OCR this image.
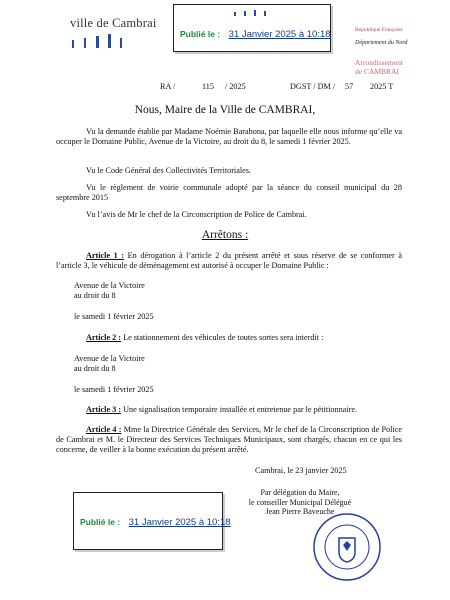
ville de Cambrai
Publié le : 31 Janvier 2025 à 10:18	République Française
Département du Nord
Arrondissement
de CAMBRAI
RA /	115 / 2025	DGST / DM / 57 2025 T
Nous, Maire de la Ville de CAMBRAI,
Vu la demande établie par Madame Noémie Barahona, par laquelle elle nous informe qu’elle va occuper le Domaine Public, Avenue de la Victoire, au droit du 8, le samedi 1 février 2025.
Vu le Code Général des Collectivités Territoriales.
Vu le règlement de voirie communale adopté par la séance du conseil municipal du 28 septembre 2015
Vu l’avis de Mr le chef de la Circonscription de Police de Cambrai.
Arrêtons :
Article 1 : En dérogation à l’article 2 du présent arrêté et sous réserve de se conformer à l’article 3, le véhicule de déménagement est autorisé à occuper le Domaine Public :
Avenue de la Victoire
au droit du 8
le samedi 1 février 2025
Article 2 : Le stationnement des véhicules de toutes sortes sera interdit :
Avenue de la Victoire
au droit du 8
le samedi 1 février 2025
Article 3 : Une signalisation temporaire installée et entretenue par le pétitionnaire.
Article 4 : Mme la Directrice Générale des Services, Mr le chef de la Circonscription de Police de Cambrai et M. le Directeur des Services Techniques Municipaux, sont chargés, chacun en ce qui les concerne, de veiller à la bonne exécution du présent arrêté.
Cambrai, le 23 janvier 2025
Par délégation du Maire,
le conseiller Municipal Délégué
Jean Pierre Baveuche
Publié le : 31 Janvier 2025 à 10:18
